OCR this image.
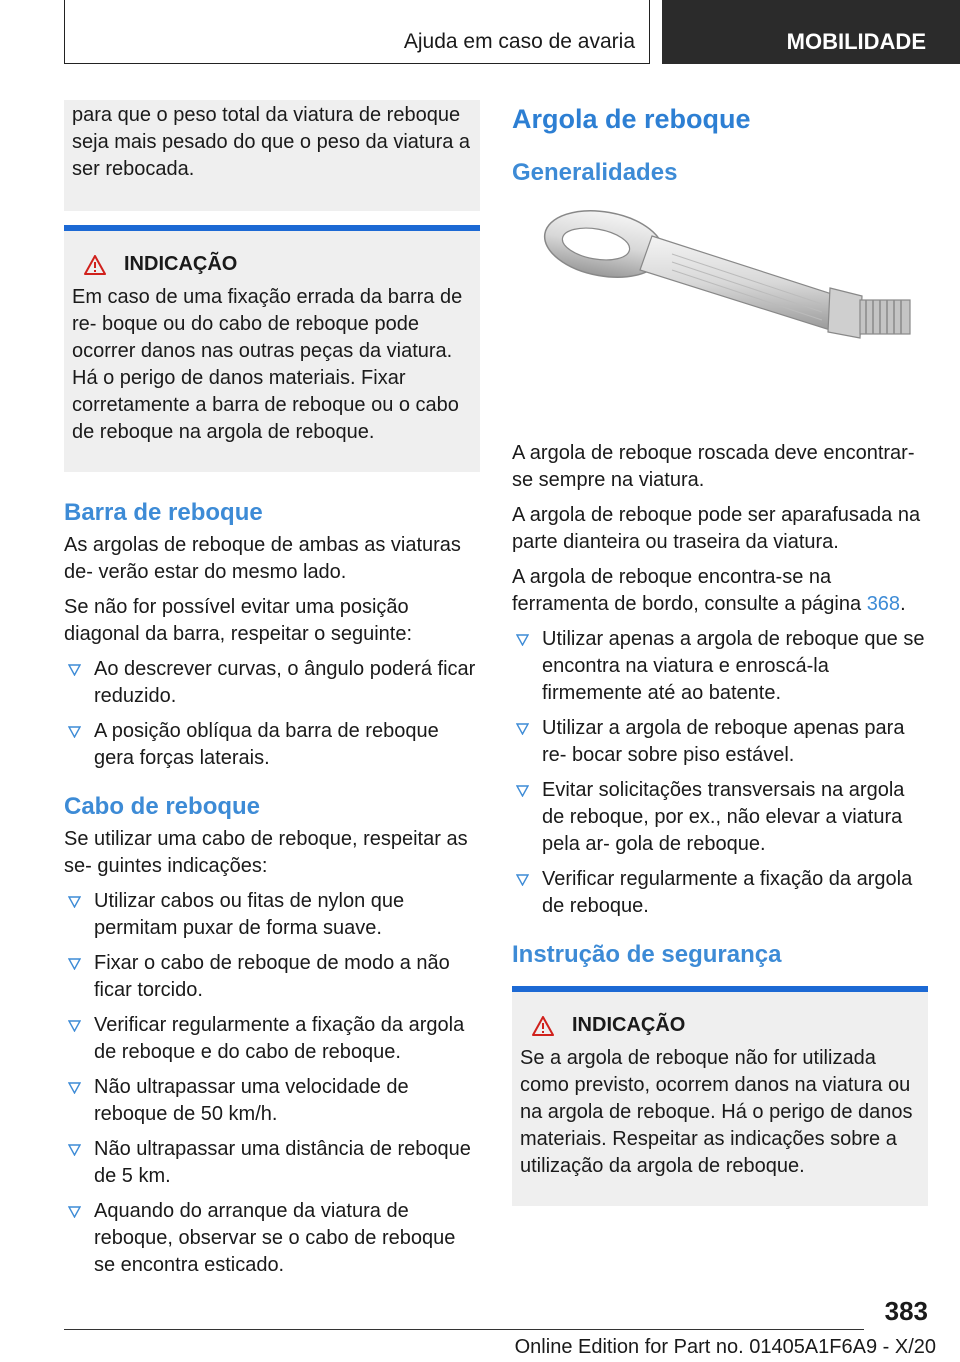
Ajuda em caso de avaria	MOBILIDADE

para que o peso total da viatura de reboque seja mais pesado do que o peso da viatura a ser rebocada.

INDICAÇÃO

Em caso de uma fixação errada da barra de re- boque ou do cabo de reboque pode ocorrer danos nas outras peças da viatura. Há o perigo de danos materiais. Fixar corretamente a barra de reboque ou o cabo de reboque na argola de reboque.

Barra de reboque

As argolas de reboque de ambas as viaturas de- verão estar do mesmo lado.

Se não for possível evitar uma posição diagonal da barra, respeitar o seguinte:

Ao descrever curvas, o ângulo poderá ficar reduzido.
A posição oblíqua da barra de reboque gera forças laterais.
Cabo de reboque

Se utilizar uma cabo de reboque, respeitar as se- guintes indicações:

Utilizar cabos ou fitas de nylon que permitam puxar de forma suave.
Fixar o cabo de reboque de modo a não ficar torcido.
Verificar regularmente a fixação da argola de reboque e do cabo de reboque.
Não ultrapassar uma velocidade de reboque de 50 km/h.
Não ultrapassar uma distância de reboque de 5 km.
Aquando do arranque da viatura de reboque, observar se o cabo de reboque se encontra esticado.
Argola de reboque
Generalidades

A argola de reboque roscada deve encontrar-se sempre na viatura.

A argola de reboque pode ser aparafusada na parte dianteira ou traseira da viatura.

A argola de reboque encontra-se na ferramenta de bordo, consulte a página 368.

Utilizar apenas a argola de reboque que se encontra na viatura e enroscá-la firmemente até ao batente.
Utilizar a argola de reboque apenas para re- bocar sobre piso estável.
Evitar solicitações transversais na argola de reboque, por ex., não elevar a viatura pela ar- gola de reboque.
Verificar regularmente a fixação da argola de reboque.
Instrução de segurança
INDICAÇÃO

Se a argola de reboque não for utilizada como previsto, ocorrem danos na viatura ou na argola de reboque. Há o perigo de danos materiais. Respeitar as indicações sobre a utilização da argola de reboque.

383
Online Edition for Part no. 01405A1F6A9 - X/20
